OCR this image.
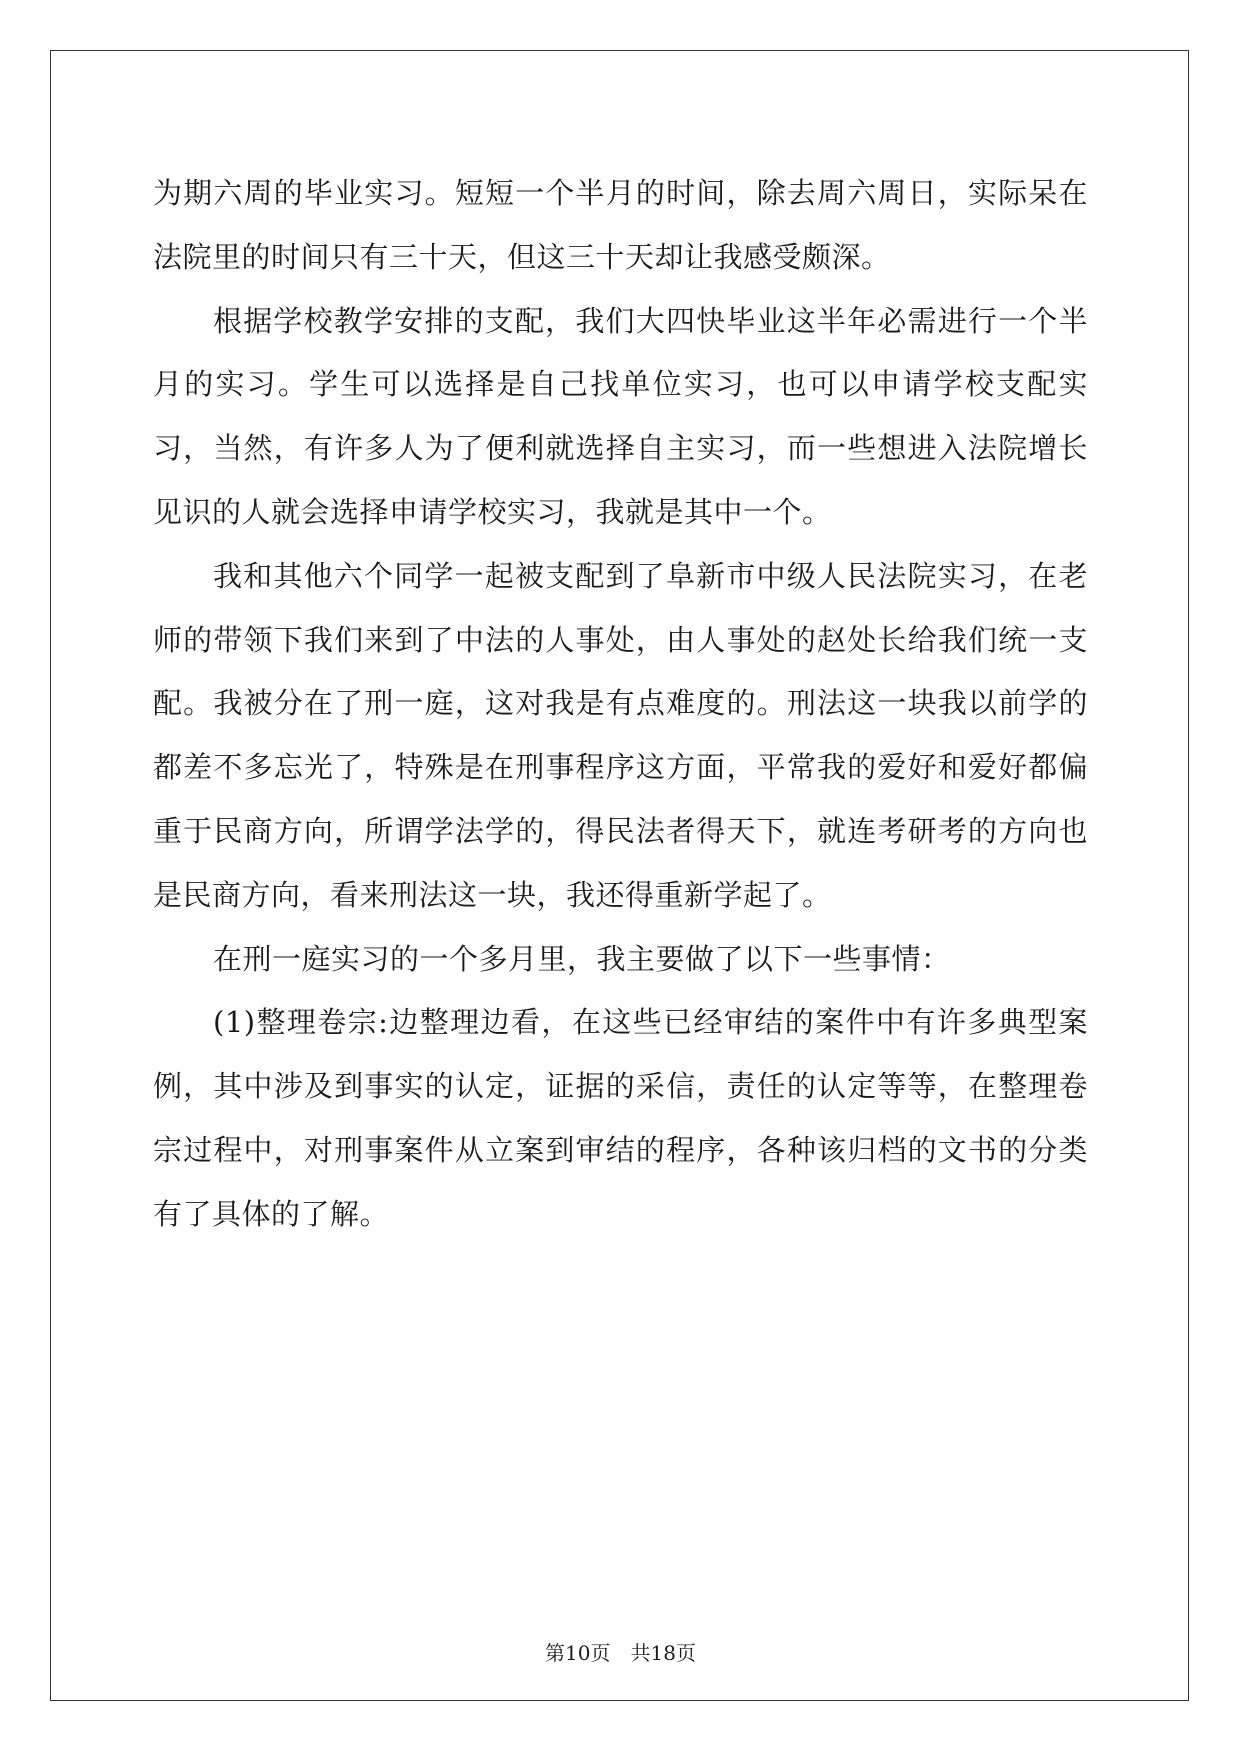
为期六周的毕业实习。短短一个半月的时间，除去周六周日，实际呆在法院里的时间只有三十天，但这三十天却让我感受颇深。

根据学校教学安排的支配，我们大四快毕业这半年必需进行一个半月的实习。学生可以选择是自己找单位实习，也可以申请学校支配实习，当然，有许多人为了便利就选择自主实习，而一些想进入法院增长见识的人就会选择申请学校实习，我就是其中一个。

我和其他六个同学一起被支配到了阜新市中级人民法院实习，在老师的带领下我们来到了中法的人事处，由人事处的赵处长给我们统一支配。我被分在了刑一庭，这对我是有点难度的。刑法这一块我以前学的都差不多忘光了，特殊是在刑事程序这方面，平常我的爱好和爱好都偏重于民商方向，所谓学法学的，得民法者得天下，就连考研考的方向也是民商方向，看来刑法这一块，我还得重新学起了。

在刑一庭实习的一个多月里，我主要做了以下一些事情：

(1)整理卷宗:边整理边看，在这些已经审结的案件中有许多典型案例，其中涉及到事实的认定，证据的采信，责任的认定等等，在整理卷宗过程中，对刑事案件从立案到审结的程序，各种该归档的文书的分类有了具体的了解。

第10页　共18页
